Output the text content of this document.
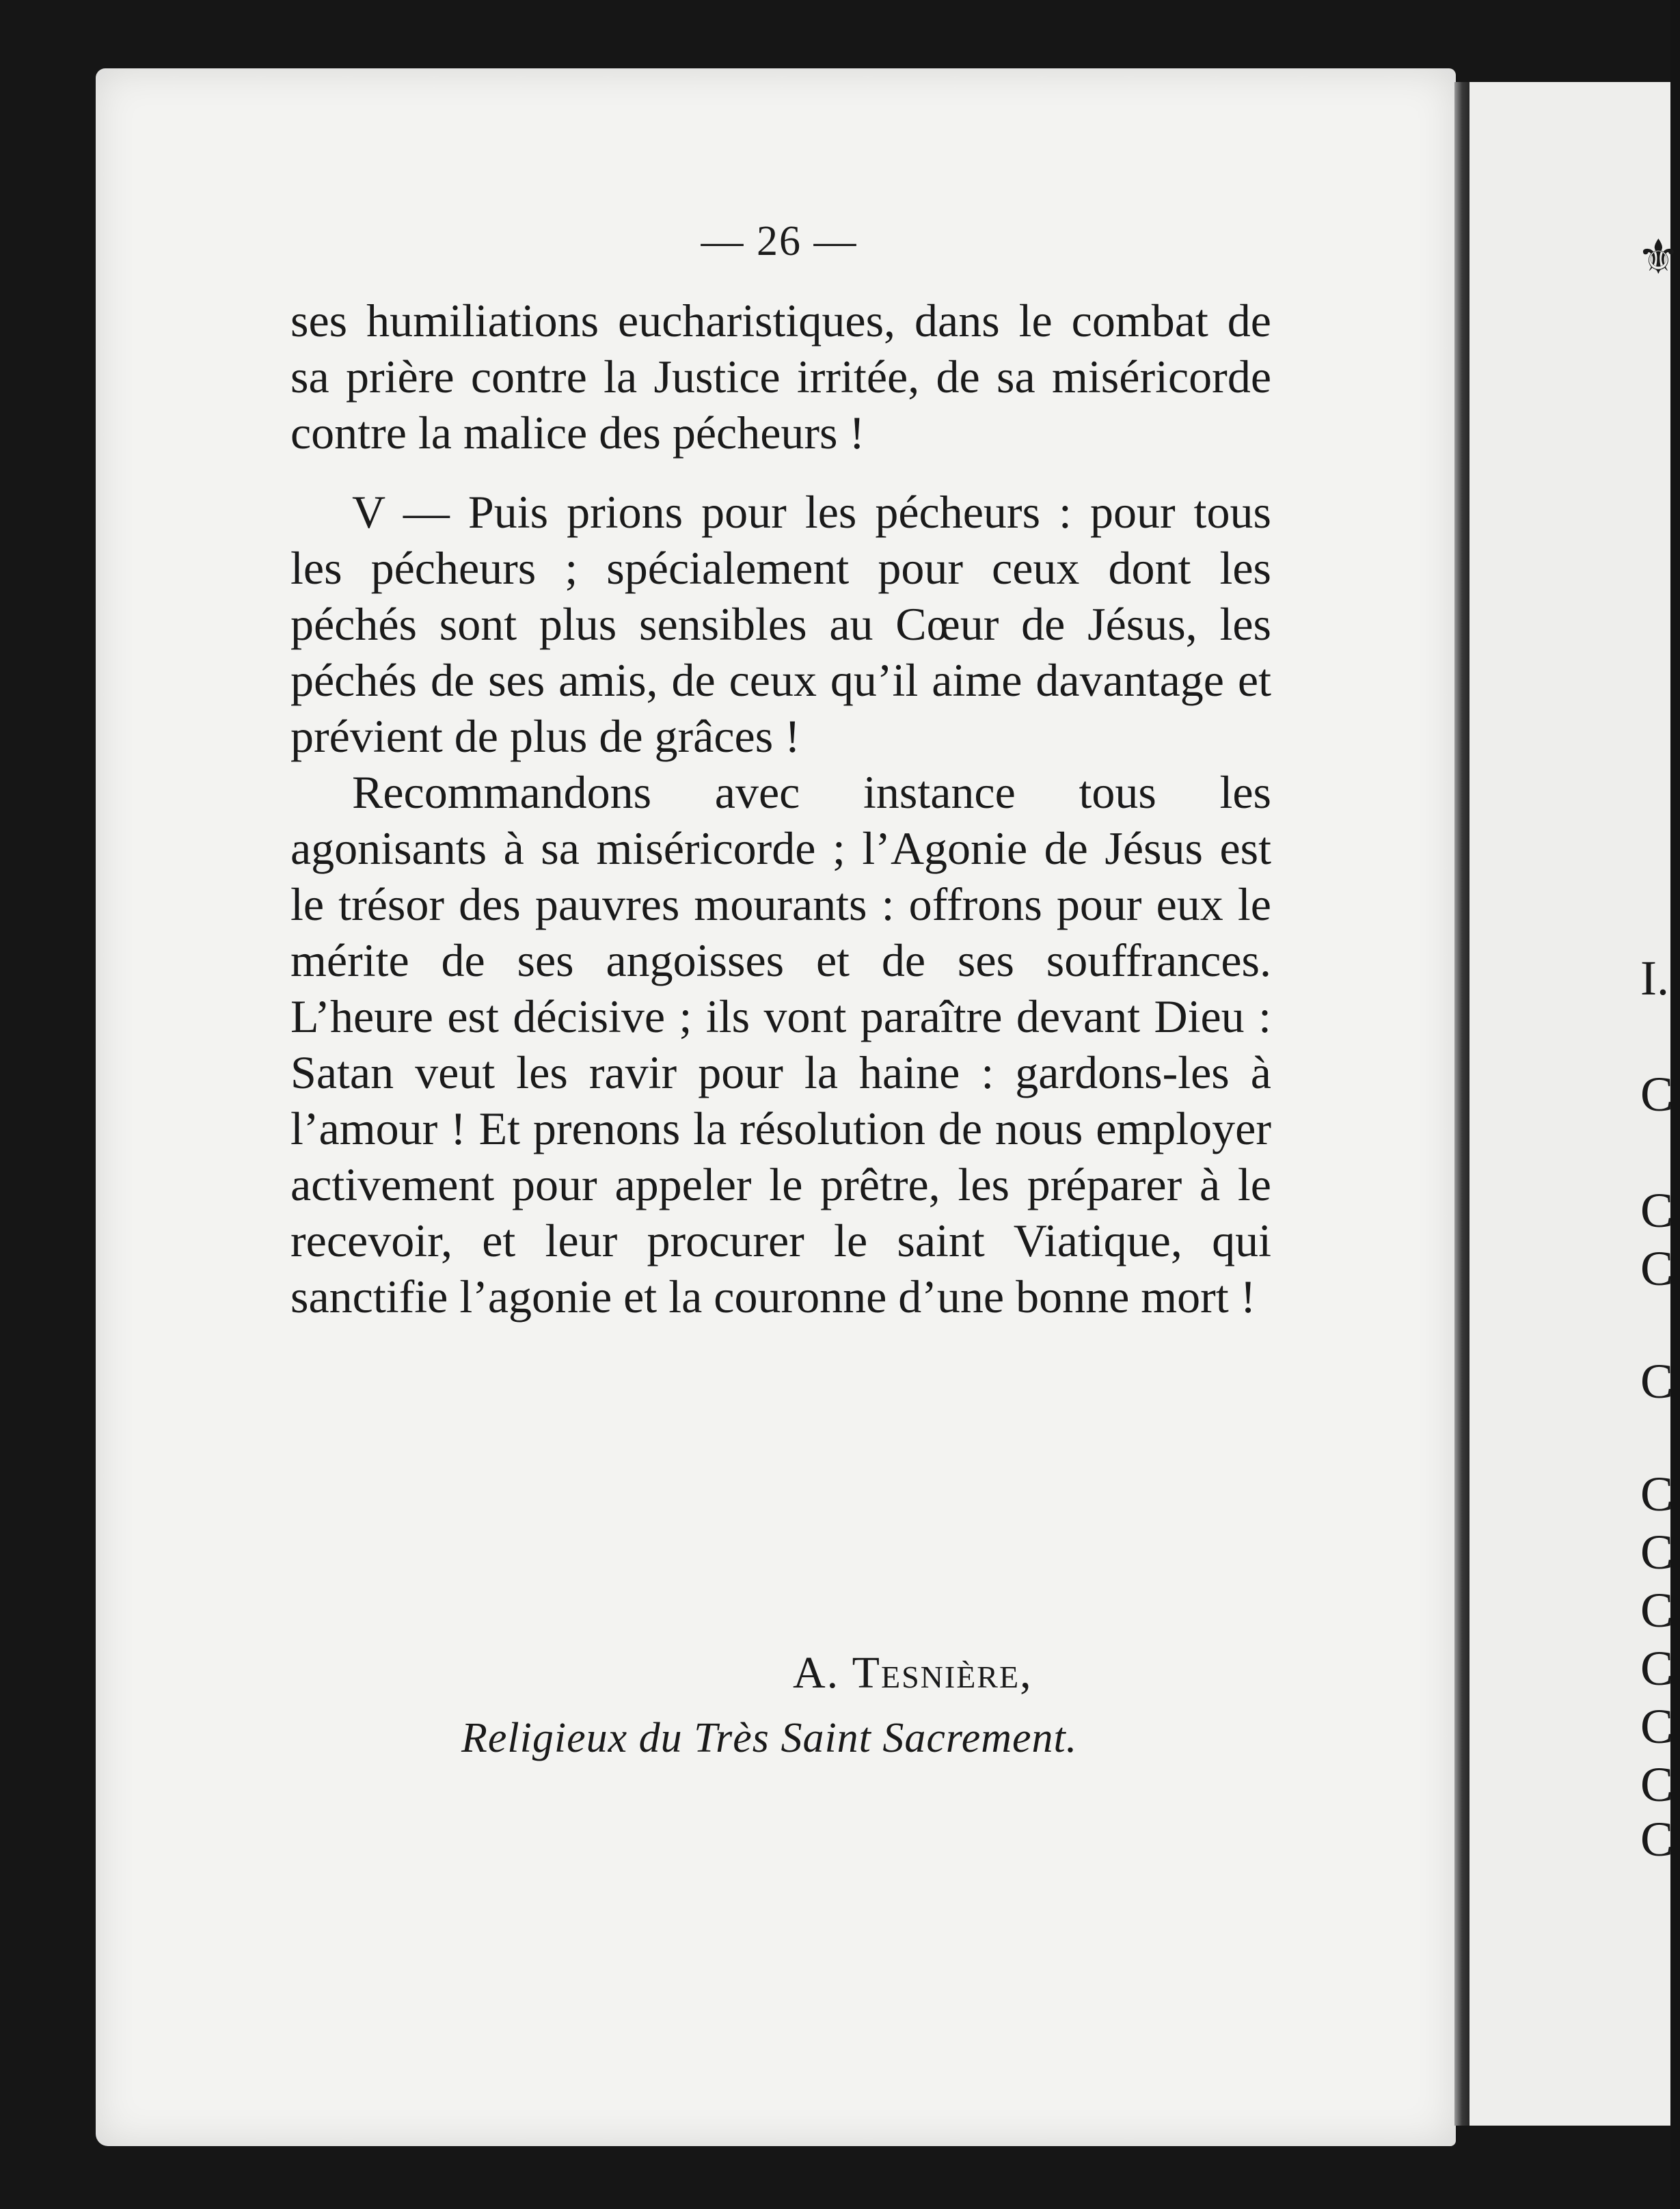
⚜
I.
C
C
C
C
C
C
C
C
C
C
C
— 26 —

ses humiliations eucharistiques, dans le combat de sa prière contre la Justice irritée, de sa miséricorde contre la malice des pécheurs !

V — Puis prions pour les pécheurs : pour tous les pécheurs ; spécialement pour ceux dont les péchés sont plus sensibles au Cœur de Jésus, les péchés de ses amis, de ceux qu’il aime davantage et prévient de plus de grâces !

Recommandons avec instance tous les agonisants à sa miséricorde ; l’Agonie de Jésus est le trésor des pauvres mourants : offrons pour eux le mérite de ses angoisses et de ses souffrances. L’heure est décisive ; ils vont paraître devant Dieu : Satan veut les ravir pour la haine : gardons-les à l’amour ! Et prenons la résolution de nous employer activement pour appeler le prêtre, les préparer à le recevoir, et leur procurer le saint Viatique, qui sanctifie l’agonie et la couronne d’une bonne mort !

A. Tesnière,
Religieux du Très Saint Sacrement.
